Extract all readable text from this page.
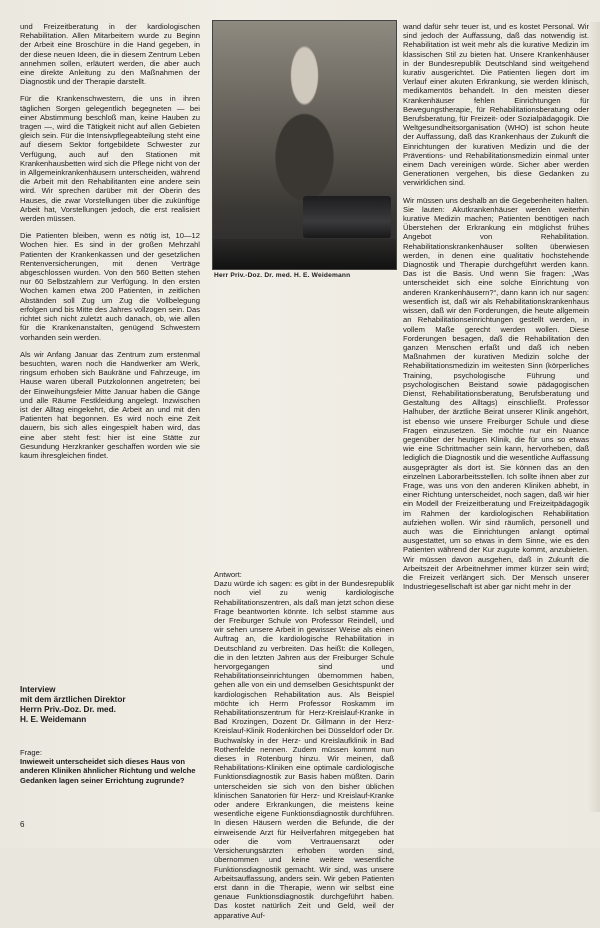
und Freizeitberatung in der kardiologischen Rehabilitation. Allen Mitarbeitern wurde zu Beginn der Arbeit eine Broschüre in die Hand gegeben, in der diese neuen Ideen, die in diesem Zentrum Leben annehmen sollen, erläutert werden, die aber auch eine direkte Anleitung zu den Maßnahmen der Diagnostik und der Therapie darstellt.

Für die Krankenschwestern, die uns in ihren täglichen Sorgen gelegentlich begegneten — bei einer Abstimmung beschloß man, keine Hauben zu tragen —, wird die Tätigkeit nicht auf allen Gebieten gleich sein. Für die Intensivpflegeabteilung steht eine auf diesem Sektor fortgebildete Schwester zur Verfügung, auch auf den Stationen mit Krankenhausbetten wird sich die Pflege nicht von der in Allgemeinkrankenhäusern unterscheiden, während die Arbeit mit den Rehabilitanten eine andere sein wird. Wir sprechen darüber mit der Oberin des Hauses, die zwar Vorstellungen über die zukünftige Arbeit hat, Vorstellungen jedoch, die erst realisiert werden müssen.

Die Patienten bleiben, wenn es nötig ist, 10—12 Wochen hier. Es sind in der großen Mehrzahl Patienten der Krankenkassen und der gesetzlichen Rentenversicherungen, mit denen Verträge abgeschlossen wurden. Von den 560 Betten stehen nur 60 Selbstzahlern zur Verfügung. In den ersten Wochen kamen etwa 200 Patienten, in zeitlichen Abständen soll Zug um Zug die Vollbelegung erfolgen und bis Mitte des Jahres vollzogen sein. Das richtet sich nicht zuletzt auch danach, ob, wie allen für die Krankenanstalten, genügend Schwestern vorhanden sein werden.

Als wir Anfang Januar das Zentrum zum erstenmal besuchten, waren noch die Handwerker am Werk, ringsum erhoben sich Baukräne und Fahrzeuge, im Hause waren überall Putzkolonnen angetreten; bei der Einweihungsfeier Mitte Januar haben die Gänge und alle Räume Festkleidung angelegt. Inzwischen ist der Alltag eingekehrt, die Arbeit an und mit den Patienten hat begonnen. Es wird noch eine Zeit dauern, bis sich alles eingespielt haben wird, das eine aber steht fest: hier ist eine Stätte zur Gesundung Herzkranker geschaffen worden wie sie kaum ihresgleichen findet.

Herr Priv.-Doz. Dr. med. H. E. Weidemann
Interview
mit dem ärztlichen Direktor
Herrn Priv.-Doz. Dr. med.
H. E. Weidemann
Frage:
Inwieweit unterscheidet sich dieses Haus von anderen Kliniken ähnlicher Richtung und welche Gedanken lagen seiner Errichtung zugrunde?

Antwort:

Dazu würde ich sagen: es gibt in der Bundesrepublik noch viel zu wenig kardiologische Rehabilitationszentren, als daß man jetzt schon diese Frage beantworten könnte. Ich selbst stamme aus der Freiburger Schule von Professor Reindell, und wir sehen unsere Arbeit in gewisser Weise als einen Auftrag an, die kardiologische Rehabilitation in Deutschland zu verbreiten. Das heißt: die Kollegen, die in den letzten Jahren aus der Freiburger Schule hervorgegangen sind und Rehabilitationseinrichtungen übernommen haben, gehen alle von ein und demselben Gesichtspunkt der kardiologischen Rehabilitation aus. Als Beispiel möchte ich Herrn Professor Roskamm im Rehabilitationszentrum für Herz-Kreislauf-Kranke in Bad Krozingen, Dozent Dr. Gillmann in der Herz-Kreislauf-Klinik Rodenkirchen bei Düsseldorf oder Dr. Buchwalsky in der Herz- und Kreislaufklinik in Bad Rothenfelde nennen. Zudem müssen kommt nun dieses in Rotenburg hinzu. Wir meinen, daß Rehabilitations-Kliniken eine optimale cardiologische Funktionsdiagnostik zur Basis haben müßten. Darin unterscheiden sie sich von den bisher üblichen klinischen Sanatorien für Herz- und Kreislauf-Kranke oder andere Erkrankungen, die meistens keine wesentliche eigene Funktionsdiagnostik durchführen. In diesen Häusern werden die Befunde, die der einweisende Arzt für Heilverfahren mitgegeben hat oder die vom Vertrauensarzt oder Versicherungsärzten erhoben worden sind, übernommen und keine weitere wesentliche Funktionsdiagnostik gemacht. Wir sind, was unsere Arbeitsauffassung, anders sein. Wir geben Patienten erst dann in die Therapie, wenn wir selbst eine genaue Funktionsdiagnostik durchgeführt haben. Das kostet natürlich Zeit und Geld, weil der apparative Auf-

wand dafür sehr teuer ist, und es kostet Personal. Wir sind jedoch der Auffassung, daß das notwendig ist. Rehabilitation ist weit mehr als die kurative Medizin im klassischen Stil zu bieten hat. Unsere Krankenhäuser in der Bundesrepublik Deutschland sind weitgehend kurativ ausgerichtet. Die Patienten liegen dort im Verlauf einer akuten Erkrankung, sie werden klinisch, medikamentös behandelt. In den meisten dieser Krankenhäuser fehlen Einrichtungen für Bewegungstherapie, für Rehabilitationsberatung oder Berufsberatung, für Freizeit- oder Sozialpädagogik. Die Weltgesundheitsorganisation (WHO) ist schon heute der Auffassung, daß das Krankenhaus der Zukunft die Einrichtungen der kurativen Medizin und die der Präventions- und Rehabilitationsmedizin einmal unter einem Dach vereinigen würde. Sicher aber werden Generationen vergehen, bis diese Gedanken zu verwirklichen sind.

Wir müssen uns deshalb an die Gegebenheiten halten. Sie lauten: Akutkrankenhäuser werden weiterhin kurative Medizin machen; Patienten benötigen nach Überstehen der Erkrankung ein möglichst frühes Angebot von Rehabilitation. Rehabilitationskrankenhäuser sollten überwiesen werden, in denen eine qualitativ hochstehende Diagnostik und Therapie durchgeführt werden kann. Das ist die Basis. Und wenn Sie fragen: „Was unterscheidet sich eine solche Einrichtung von anderen Krankenhäusern?“, dann kann ich nur sagen: wesentlich ist, daß wir als Rehabilitationskrankenhaus wissen, daß wir den Forderungen, die heute allgemein an Rehabilitationseinrichtungen gestellt werden, in vollem Maße gerecht werden wollen. Diese Forderungen besagen, daß die Rehabilitation den ganzen Menschen erfaßt und daß ich neben Maßnahmen der kurativen Medizin solche der Rehabilitationsmedizin im weitesten Sinn (körperliches Training, psychologische Führung und psychologischen Beistand sowie pädagogischen Dienst, Rehabilitationsberatung, Berufsberatung und Gestaltung des Alltags) einschließt. Professor Halhuber, der ärztliche Beirat unserer Klinik angehört, ist ebenso wie unsere Freiburger Schule und diese Fragen einzusetzen. Sie möchte nur ein Nuance gegenüber der heutigen Klinik, die für uns so etwas wie eine Schrittmacher sein kann, hervorheben, daß lediglich die Diagnostik und die wesentliche Auffassung ausgeprägter als dort ist. Sie können das an den einzelnen Laborarbeitsstellen. Ich sollte ihnen aber zur Frage, was uns von den anderen Kliniken abhebt, in einer Richtung unterscheidet, noch sagen, daß wir hier ein Modell der Freizeitberatung und Freizeitpädagogik im Rahmen der kardiologischen Rehabilitation aufziehen wollen. Wir sind räumlich, personell und auch was die Einrichtungen anlangt optimal ausgestattet, um so etwas in dem Sinne, wie es den Patienten während der Kur zugute kommt, anzubieten. Wir müssen davon ausgehen, daß in Zukunft die Arbeitszeit der Arbeitnehmer immer kürzer sein wird; die Freizeit verlängert sich. Der Mensch unserer Industriegesellschaft ist aber gar nicht mehr in der

6
